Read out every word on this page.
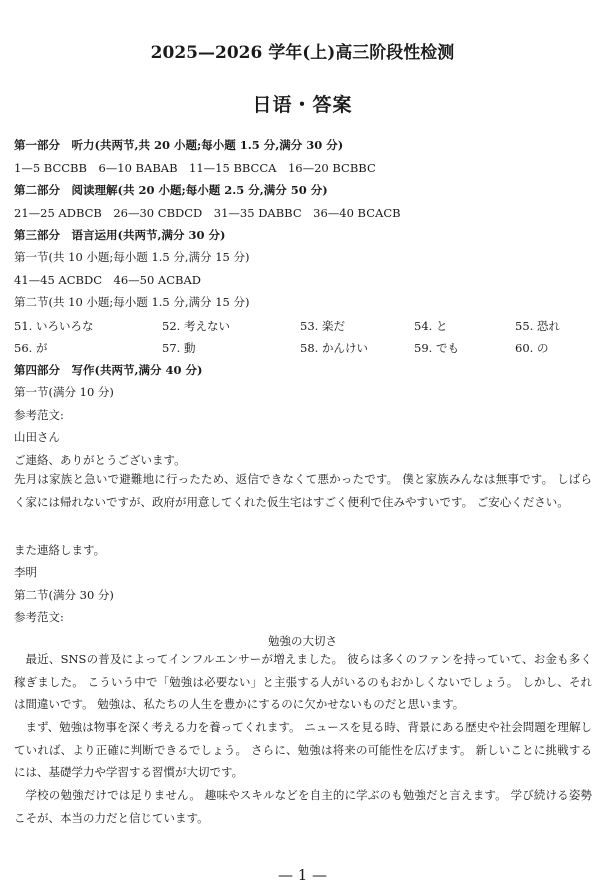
2025—2026 学年(上)高三阶段性检测
日语・答案
第一部分　听力(共两节,共 20 小题;每小题 1.5 分,满分 30 分)
1—5 BCCBB　6—10 BABAB　11—15 BBCCA　16—20 BCBBC
第二部分　阅读理解(共 20 小题;每小题 2.5 分,满分 50 分)
21—25 ADBCB　26—30 CBDCD　31—35 DABBC　36—40 BCACB
第三部分　语言运用(共两节,满分 30 分)
第一节(共 10 小题;每小题 1.5 分,满分 15 分)
41—45 ACBDC　46—50 ACBAD
第二节(共 10 小题;每小题 1.5 分,满分 15 分)
51. いろいろな	52. 考えない	53. 楽だ	54. と	55. 恐れ
56. が	57. 動	58. かんけい	59. でも	60. の
第四部分　写作(共两节,满分 40 分)
第一节(满分 10 分)
参考范文:
山田さん
ご連絡、ありがとうございます。
先月は家族と急いで避難地に行ったため、返信できなくて悪かったです。 僕と家族みんなは無事です。 しばらく家には帰れないですが、政府が用意してくれた仮生宅はすごく便利で住みやすいです。 ご安心ください。
また連絡します。
李明
第二节(满分 30 分)
参考范文:
勉強の大切さ
最近、SNSの普及によってインフルエンサーが増えました。 彼らは多くのファンを持っていて、お金も多く稼ぎました。 こういう中で「勉強は必要ない」と主張する人がいるのもおかしくないでしょう。 しかし、それは間違いです。 勉強は、私たちの人生を豊かにするのに欠かせないものだと思います。
まず、勉強は物事を深く考える力を養ってくれます。 ニュースを見る時、背景にある歴史や社会問題を理解していれば、より正確に判断できるでしょう。 さらに、勉強は将来の可能性を広げます。 新しいことに挑戦するには、基礎学力や学習する習慣が大切です。
学校の勉強だけでは足りません。 趣味やスキルなどを自主的に学ぶのも勉強だと言えます。 学び続ける姿勢こそが、本当の力だと信じています。
— 1 —
